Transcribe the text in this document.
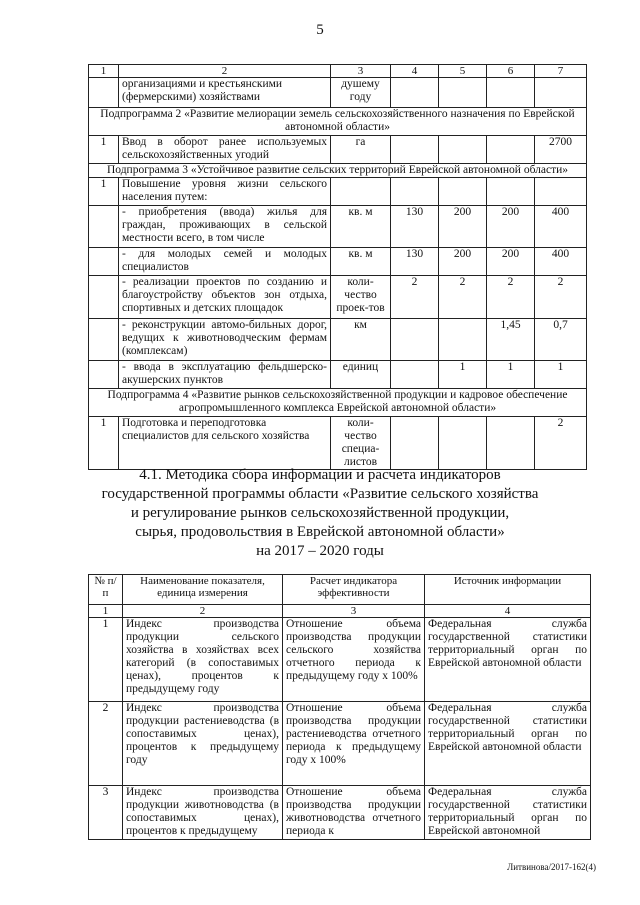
5
1	2	3	4	5	6	7
	организациями и крестьянскими (фермерскими) хозяйствами	душему году				
Подпрограмма 2 «Развитие мелиорации земель сельскохозяйственного назначения по Еврейской автономной области»						
1	Ввод в оборот ранее используемых сельскохозяйственных угодий	га				2700
Подпрограмма 3 «Устойчивое развитие сельских территорий Еврейской автономной области»						
1	Повышение уровня жизни сельского населения путем:					
	- приобретения (ввода) жилья для граждан, проживающих в сельской местности всего, в том числе	кв. м	130	200	200	400
	- для молодых семей и молодых специалистов	кв. м	130	200	200	400
	- реализации проектов по созданию и благоустройству объектов зон отдыха, спортивных и детских площадок	коли-чество проек-тов	2	2	2	2
	- реконструкции автомо-бильных дорог, ведущих к животноводческим фермам (комплексам)	км			1,45	0,7
	- ввода в эксплуатацию фельдшерско-акушерских пунктов	единиц		1	1	1
Подпрограмма 4 «Развитие рынков сельскохозяйственной продукции и кадровое обеспечение агропромышленного комплекса Еврейской автономной области»						
1	Подготовка и переподготовка специалистов для сельского хозяйства	коли-чество специа-листов				2
4.1. Методика сбора информации и расчета индикаторов
государственной программы области «Развитие сельского хозяйства
и регулирование рынков сельскохозяйственной продукции,
сырья, продовольствия в Еврейской автономной области»
на 2017 – 2020 годы
№ п/п	Наименование показателя, единица измерения	Расчет индикатора эффективности	Источник информации
1	2	3	4
1	Индекс производства продукции сельского хозяйства в хозяйствах всех категорий (в сопоставимых ценах), процентов к предыдущему году	Отношение объема производства продукции сельского хозяйства отчетного периода к предыдущему году х 100%	Федеральная служба государственной статистики территориальный орган по Еврейской автономной области
2	Индекс производства продукции растениеводства (в сопоставимых ценах), процентов к предыдущему году	Отношение объема производства продукции растениеводства отчетного периода к предыдущему году х 100%	Федеральная служба государственной статистики территориальный орган по Еврейской автономной области
3	Индекс производства продукции животноводства (в сопоставимых ценах), процентов к предыдущему	Отношение объема производства продукции животноводства отчетного периода к	Федеральная служба государственной статистики территориальный орган по Еврейской автономной
Литвинова/2017-162(4)
